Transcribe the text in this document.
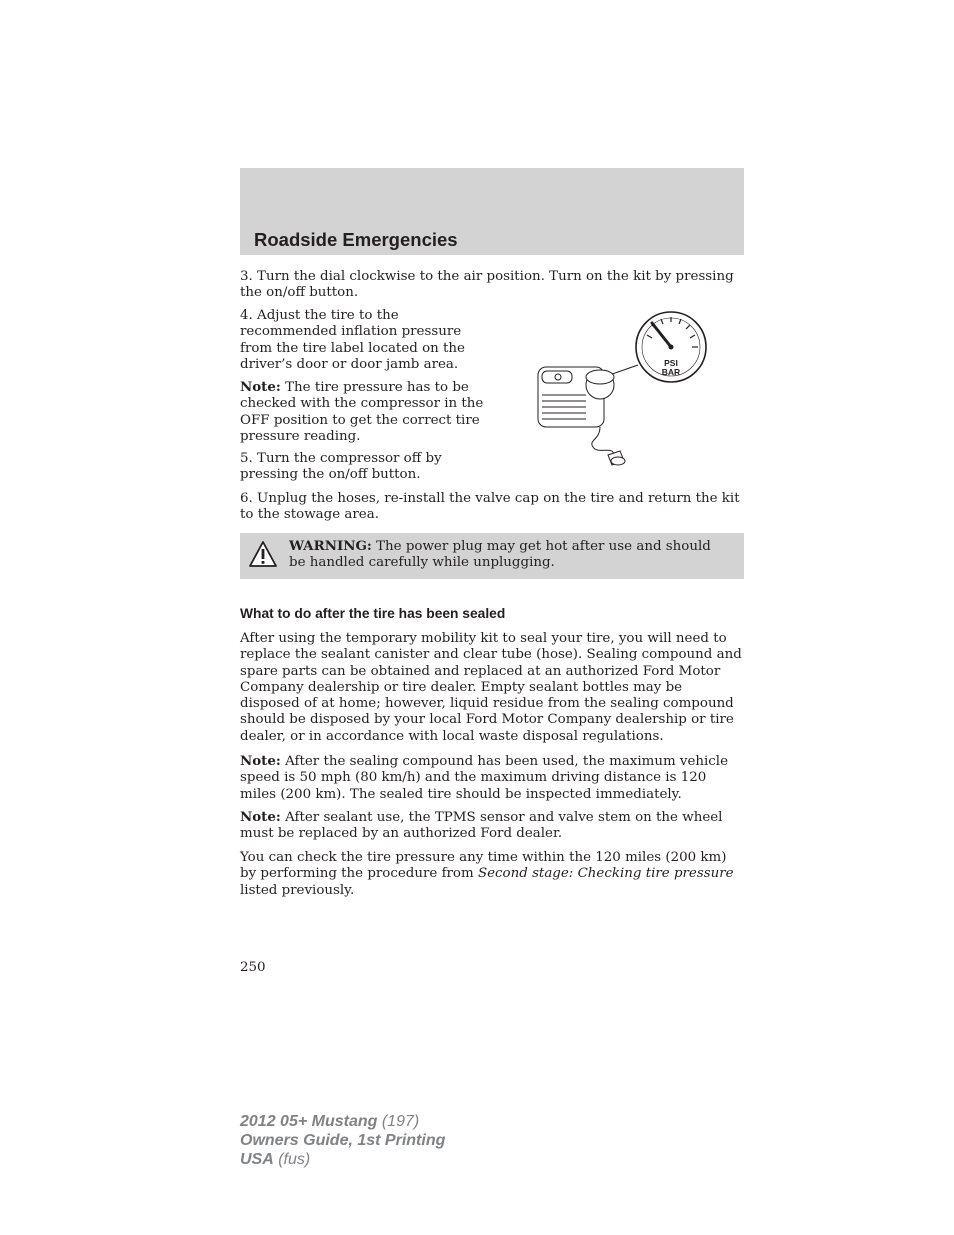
Roadside Emergencies

3. Turn the dial clockwise to the air position. Turn on the kit by pressing the on/off button.

4. Adjust the tire to the recommended inflation pressure from the tire label located on the driver’s door or door jamb area.

Note: The tire pressure has to be checked with the compressor in the OFF position to get the correct tire pressure reading.

5. Turn the compressor off by pressing the on/off button.

PSI
BAR

6. Unplug the hoses, re-install the valve cap on the tire and return the kit to the stowage area.

WARNING: The power plug may get hot after use and should be handled carefully while unplugging.

What to do after the tire has been sealed

After using the temporary mobility kit to seal your tire, you will need to replace the sealant canister and clear tube (hose). Sealing compound and spare parts can be obtained and replaced at an authorized Ford Motor Company dealership or tire dealer. Empty sealant bottles may be disposed of at home; however, liquid residue from the sealing compound should be disposed by your local Ford Motor Company dealership or tire dealer, or in accordance with local waste disposal regulations.

Note: After the sealing compound has been used, the maximum vehicle speed is 50 mph (80 km/h) and the maximum driving distance is 120 miles (200 km). The sealed tire should be inspected immediately.

Note: After sealant use, the TPMS sensor and valve stem on the wheel must be replaced by an authorized Ford dealer.

You can check the tire pressure any time within the 120 miles (200 km) by performing the procedure from Second stage: Checking tire pressure listed previously.

250

2012 05+ Mustang (197)
Owners Guide, 1st Printing
USA (fus)
